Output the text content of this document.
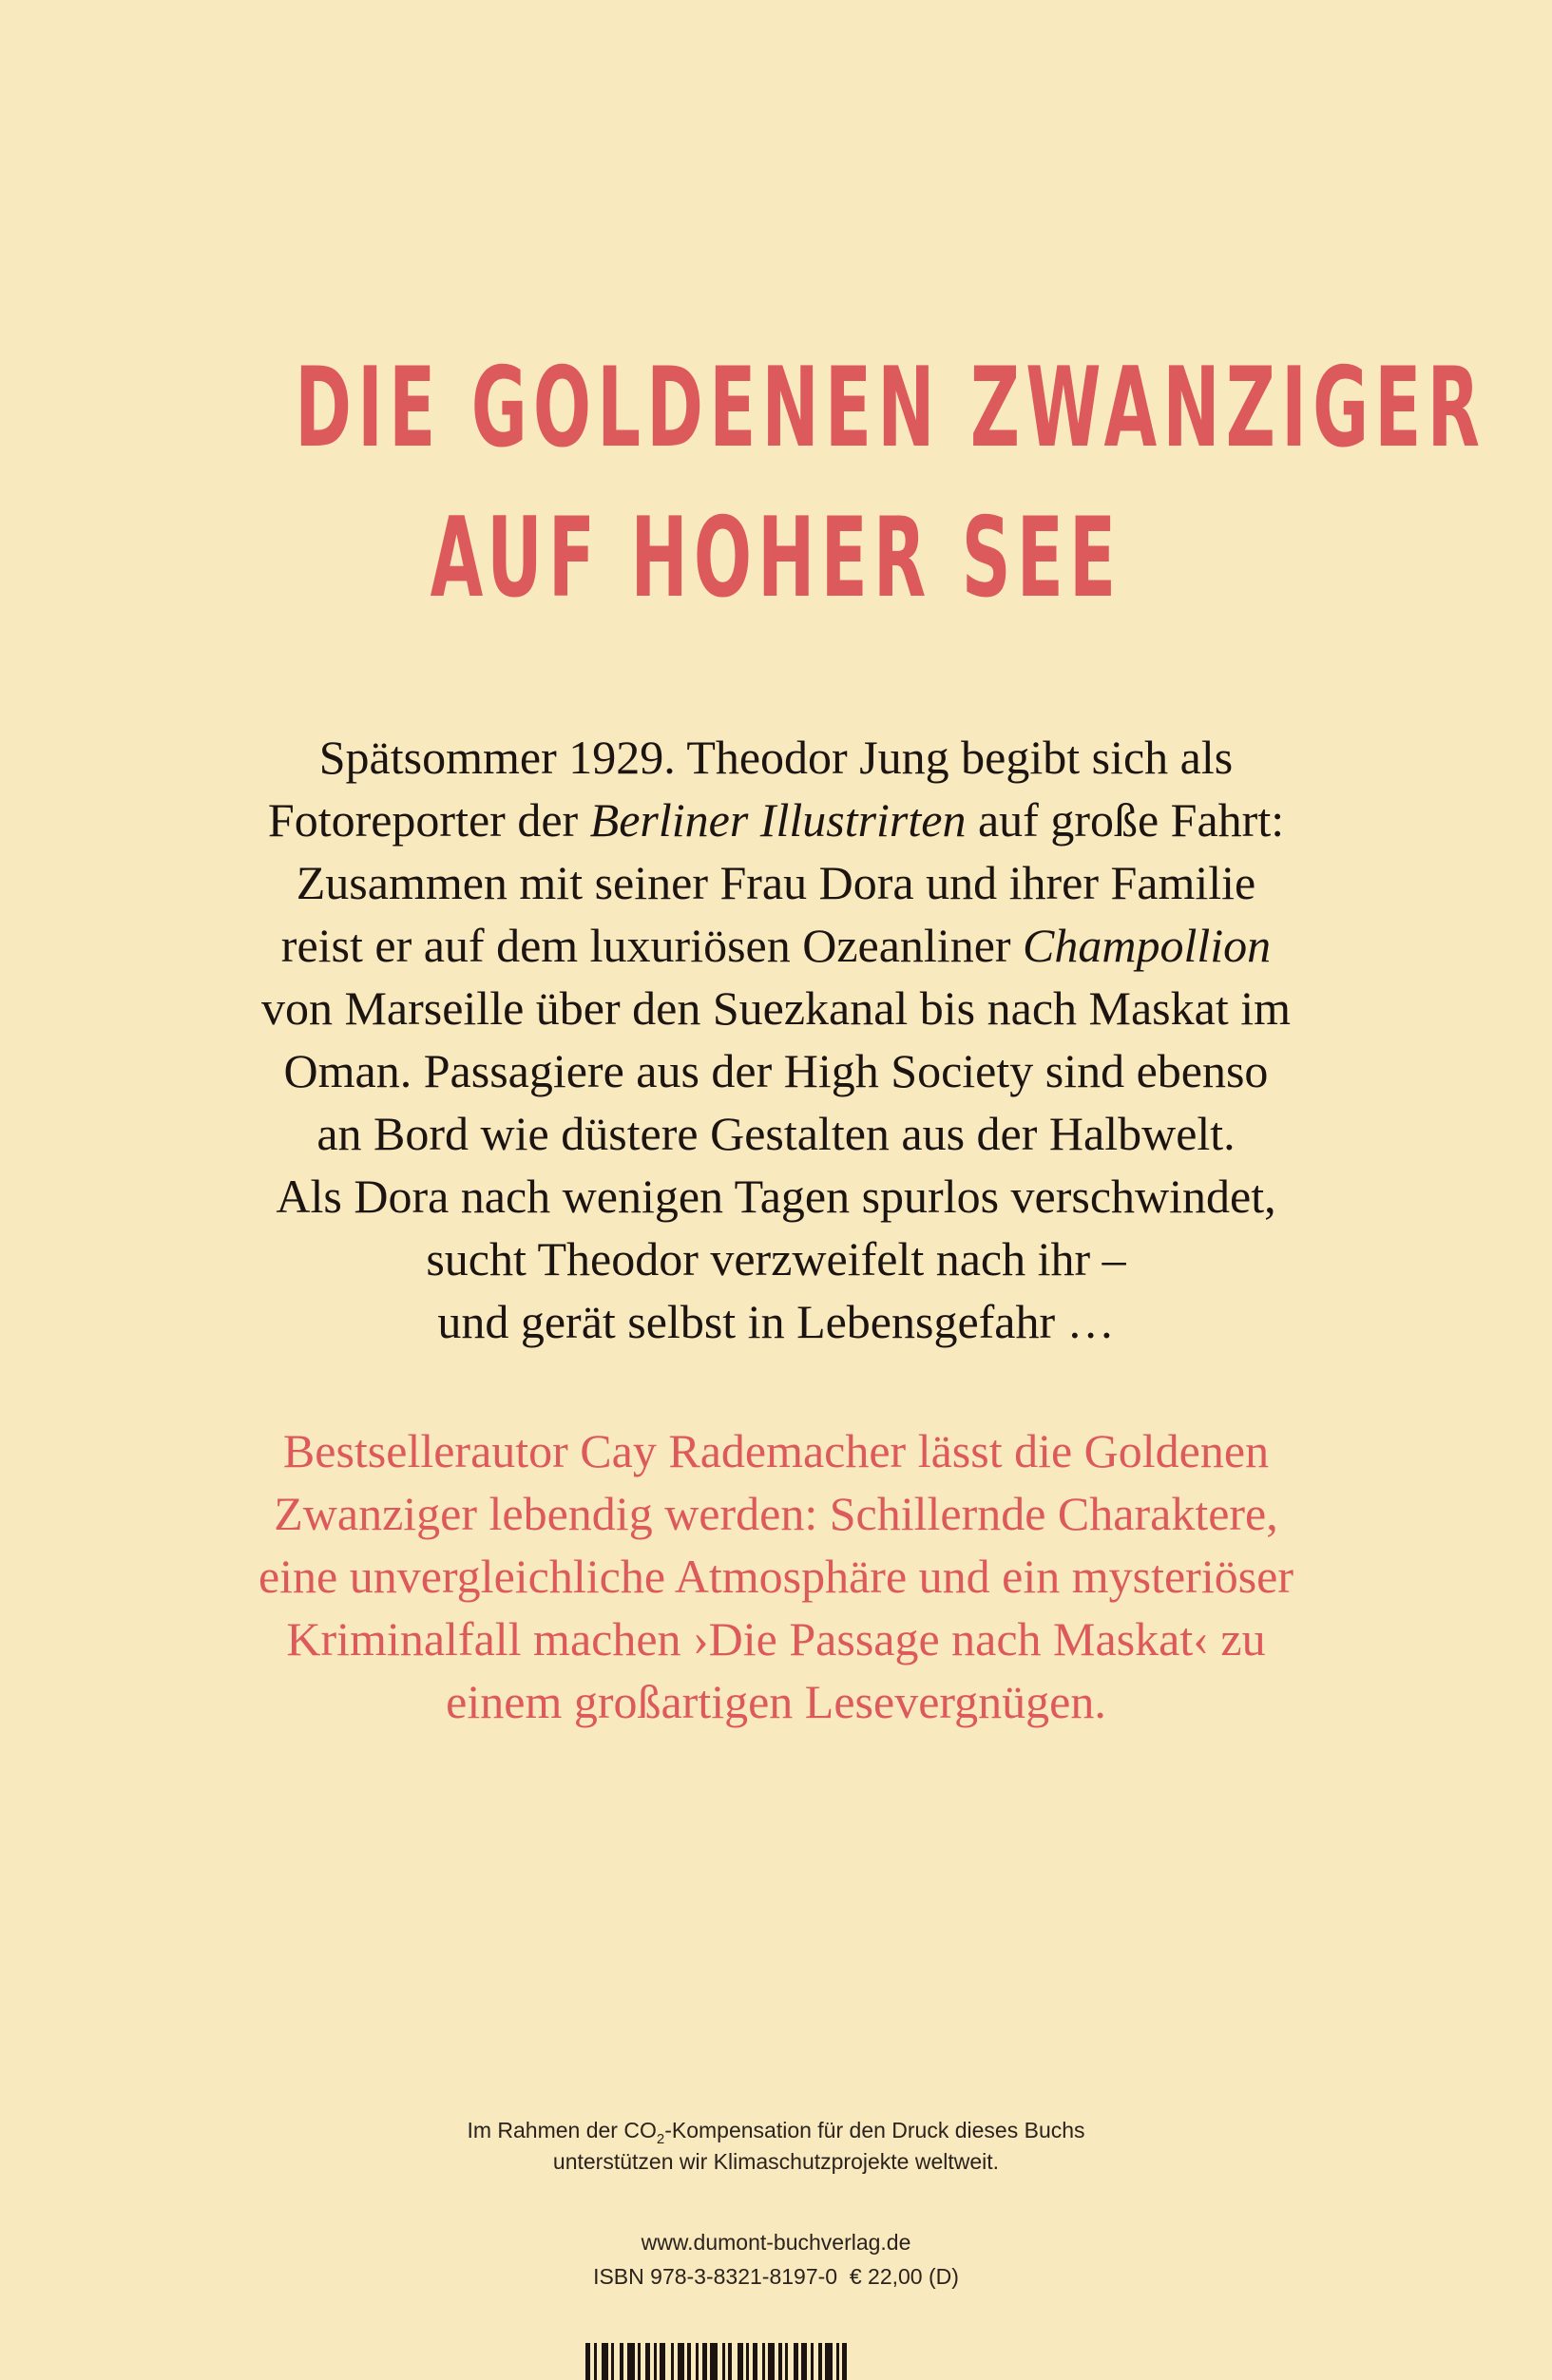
DIE GOLDENEN ZWANZIGER
AUF HOHER SEE
Spätsommer 1929. Theodor Jung begibt sich als
Fotoreporter der Berliner Illustrirten auf große Fahrt:
Zusammen mit seiner Frau Dora und ihrer Familie
reist er auf dem luxuriösen Ozeanliner Champollion
von Marseille über den Suezkanal bis nach Maskat im
Oman. Passagiere aus der High Society sind ebenso
an Bord wie düstere Gestalten aus der Halbwelt.
Als Dora nach wenigen Tagen spurlos verschwindet,
sucht Theodor verzweifelt nach ihr –
und gerät selbst in Lebensgefahr …
Bestsellerautor Cay Rademacher lässt die Goldenen
Zwanziger lebendig werden: Schillernde Charaktere,
eine unvergleichliche Atmosphäre und ein mysteriöser
Kriminalfall machen ›Die Passage nach Maskat‹ zu
einem großartigen Lesevergnügen.
Im Rahmen der $CO_2$-Kompensation für den Druck dieses Buchs
unterstützen wir Klimaschutzprojekte weltweit.
www.dumont-buchverlag.de
ISBN 978-3-8321-8197-0 € 22,00 (D)
